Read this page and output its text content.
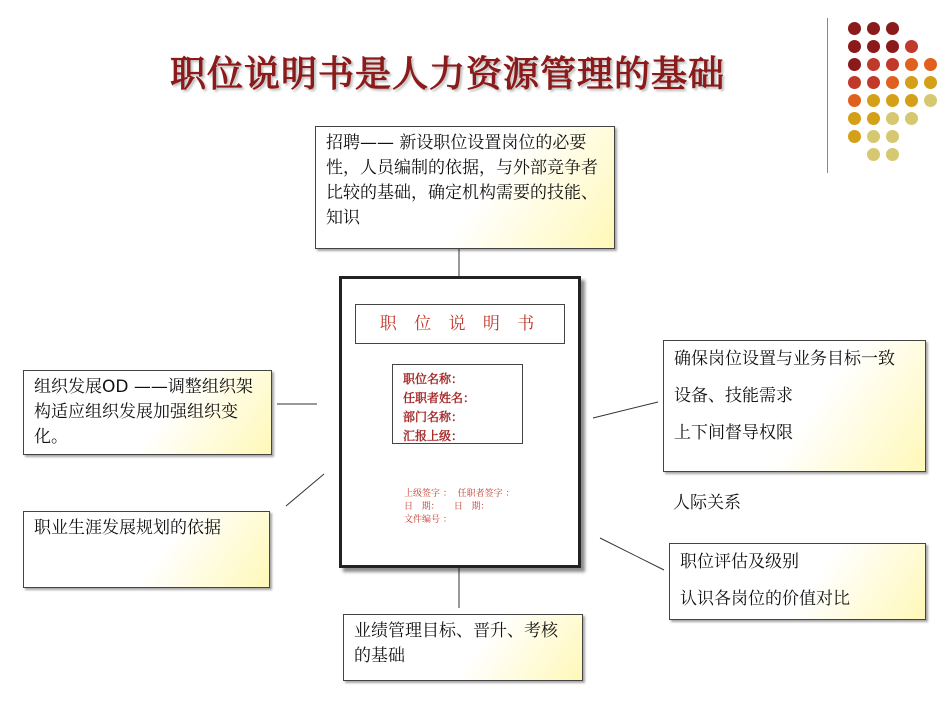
职位说明书是人力资源管理的基础
招聘—— 新设职位设置岗位的必要性，人员编制的依据，与外部竞争者比较的基础，确定机构需要的技能、知识
组织发展OD ——调整组织架构适应组织发展加强组织变化。
职业生涯发展规划的依据
业绩管理目标、晋升、考核的基础
确保岗位设置与业务目标一致
设备、技能需求
上下间督导权限
人际关系
职位评估及级别
认识各岗位的价值对比
职 位 说 明 书
职位名称：
任职者姓名：
部门名称：
汇报上级：
上级签字 ：  任职者签字 ：
日   期：     日   期：
文件编号 ：
